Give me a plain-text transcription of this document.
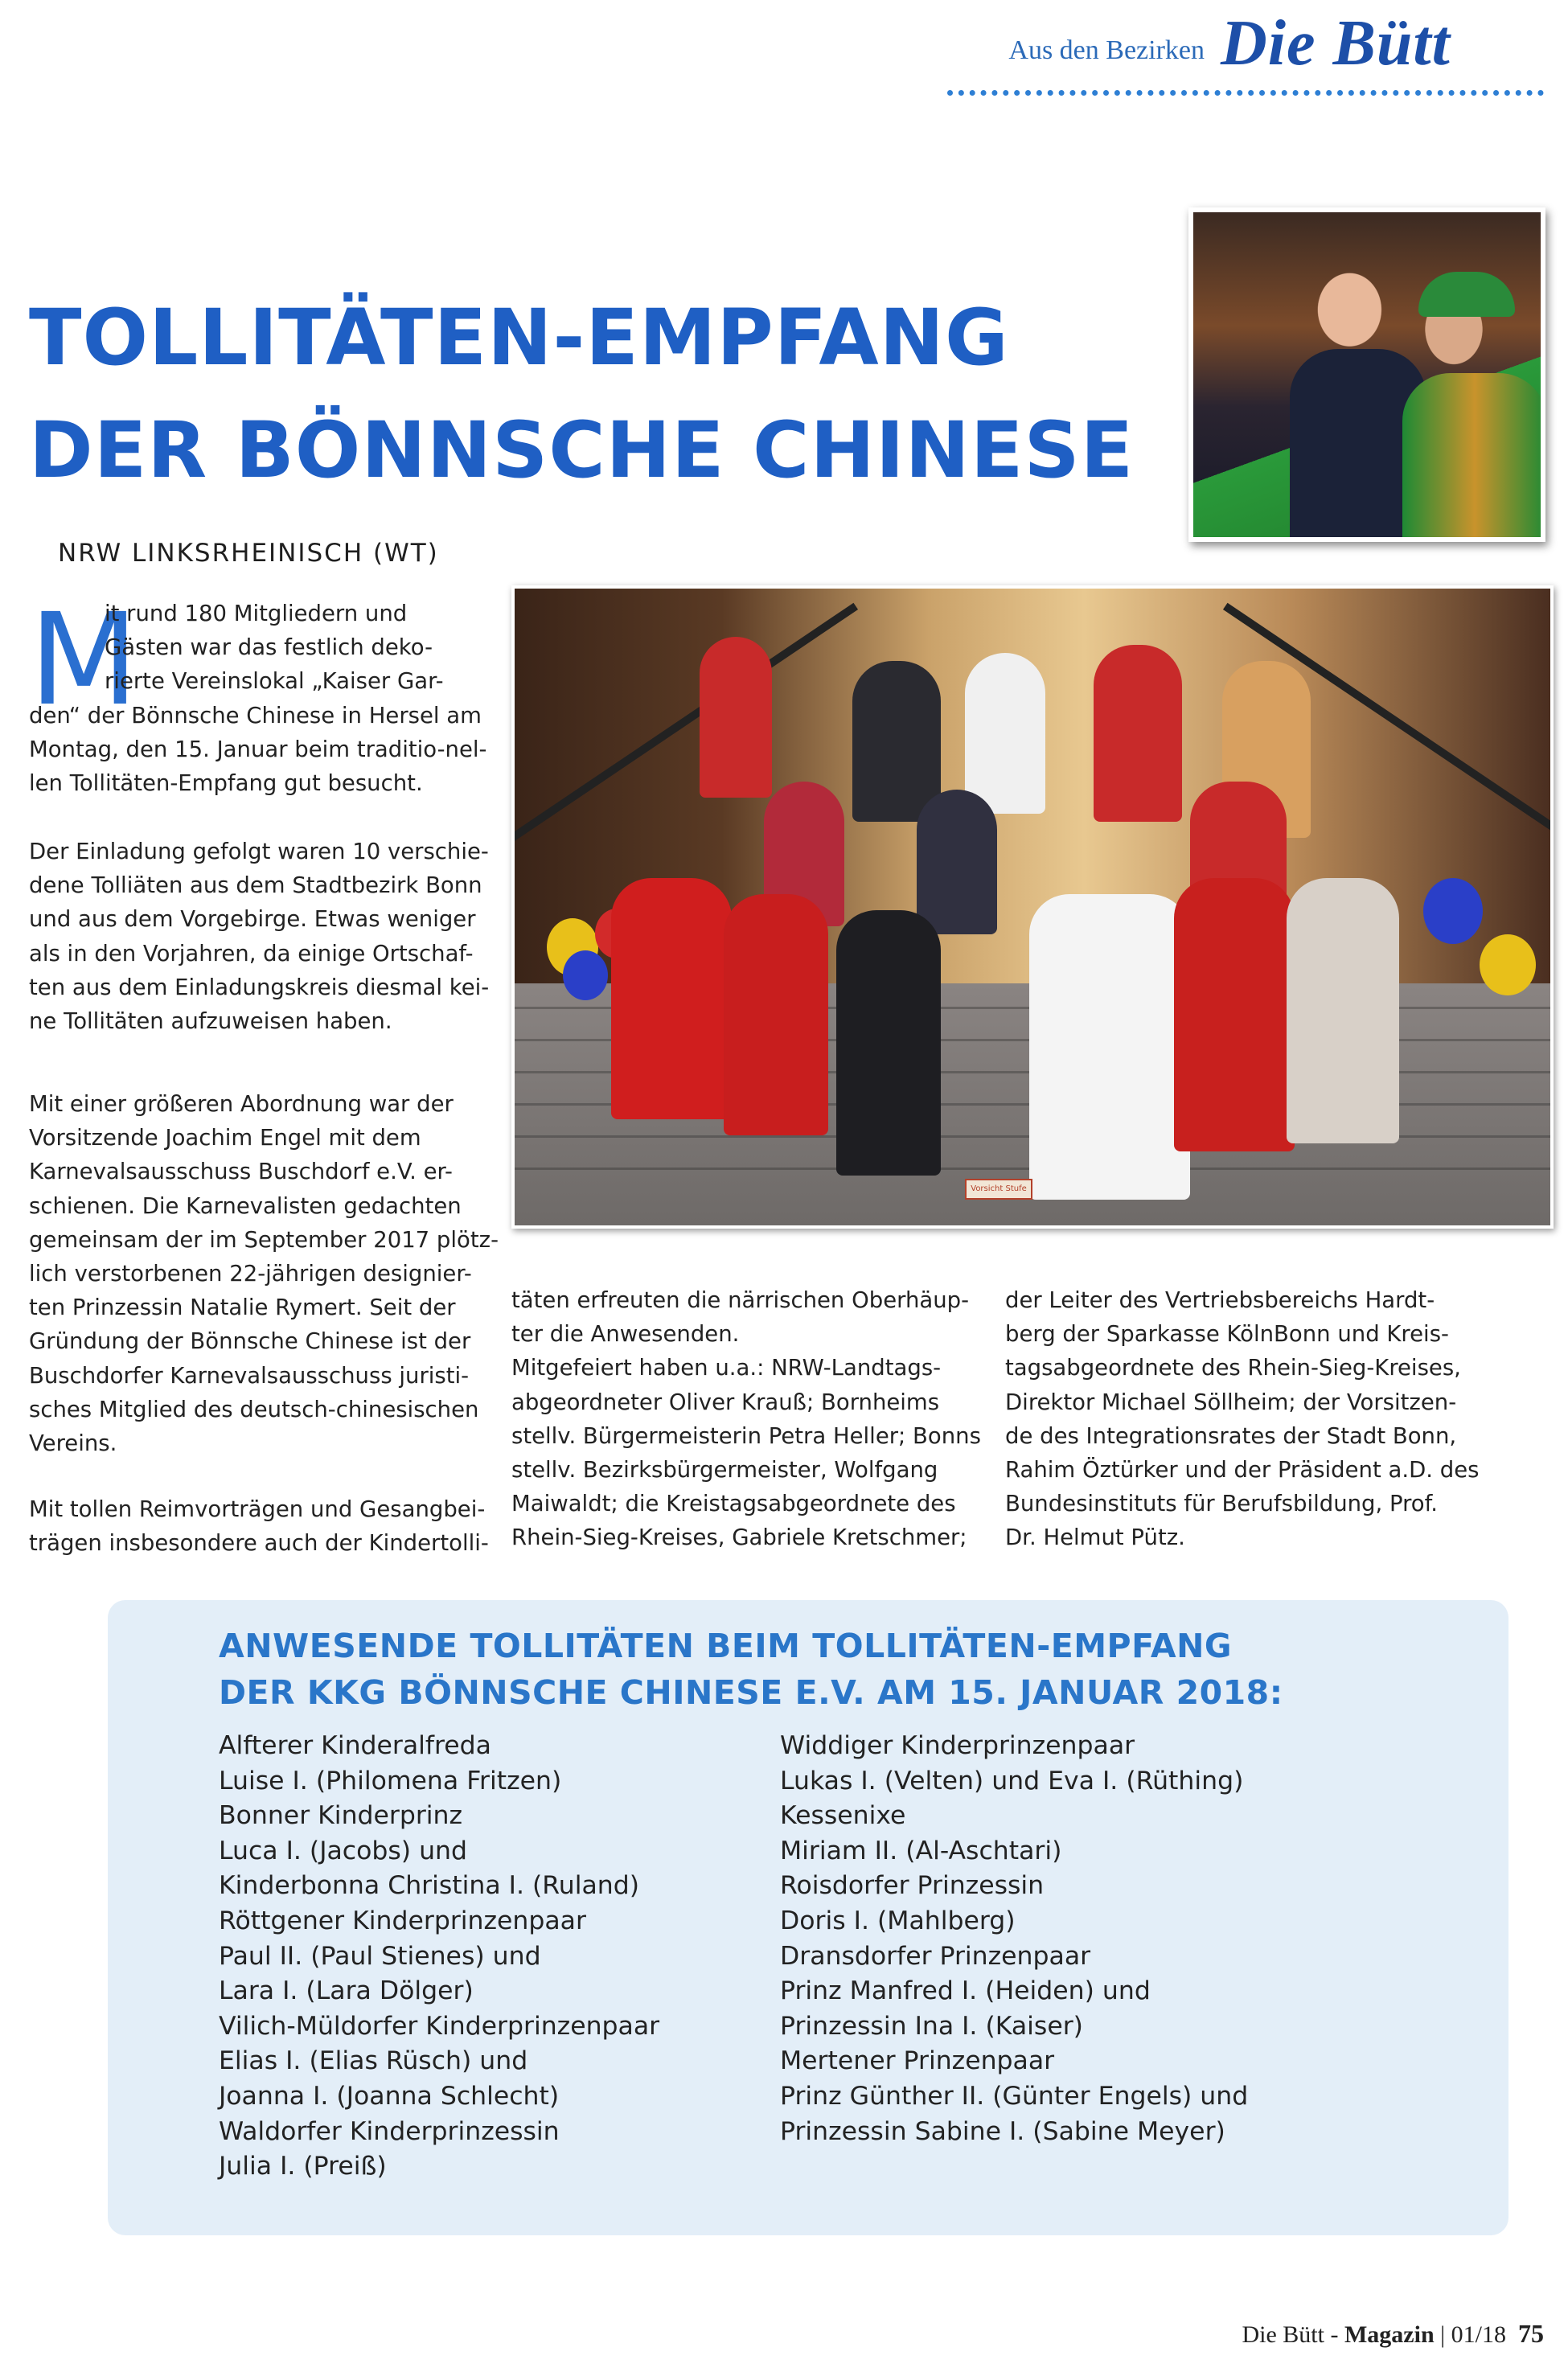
Aus den Bezirken Die Bütt
TOLLITÄTEN-EMPFANG
DER BÖNNSCHE CHINESE
NRW LINKSRHEINISCH (WT)
M
it rund 180 Mitgliedern und
Gästen war das festlich deko-
rierte Vereinslokal „Kaiser Gar-
den“ der Bönnsche Chinese in Hersel am
Montag, den 15. Januar beim traditio-nel-
len Tollitäten-Empfang gut besucht.
Der Einladung gefolgt waren 10 verschie-
dene Tolliäten aus dem Stadtbezirk Bonn
und aus dem Vorgebirge. Etwas weniger
als in den Vorjahren, da einige Ortschaf-
ten aus dem Einladungskreis diesmal kei-
ne Tollitäten aufzuweisen haben.
Mit einer größeren Abordnung war der
Vorsitzende Joachim Engel mit dem
Karnevalsausschuss Buschdorf e.V. er-
schienen. Die Karnevalisten gedachten
gemeinsam der im September 2017 plötz-
lich verstorbenen 22-jährigen designier-
ten Prinzessin Natalie Rymert. Seit der
Gründung der Bönnsche Chinese ist der
Buschdorfer Karnevalsausschuss juristi-
sches Mitglied des deutsch-chinesischen
Vereins.
Mit tollen Reimvorträgen und Gesangbei-
trägen insbesondere auch der Kindertolli-
Vorsicht Stufe
täten erfreuten die närrischen Oberhäup-
ter die Anwesenden.
Mitgefeiert haben u.a.: NRW-Landtags-
abgeordneter Oliver Krauß; Bornheims
stellv. Bürgermeisterin Petra Heller; Bonns
stellv. Bezirksbürgermeister, Wolfgang
Maiwaldt; die Kreistagsabgeordnete des
Rhein-Sieg-Kreises, Gabriele Kretschmer;
der Leiter des Vertriebsbereichs Hardt-
berg der Sparkasse KölnBonn und Kreis-
tagsabgeordnete des Rhein-Sieg-Kreises,
Direktor Michael Söllheim; der Vorsitzen-
de des Integrationsrates der Stadt Bonn,
Rahim Öztürker und der Präsident a.D. des
Bundesinstituts für Berufsbildung, Prof.
Dr. Helmut Pütz.
ANWESENDE TOLLITÄTEN BEIM TOLLITÄTEN-EMPFANG
DER KKG BÖNNSCHE CHINESE E.V. AM 15. JANUAR 2018:
Alfterer Kinderalfreda
Luise I. (Philomena Fritzen)
Bonner Kinderprinz
Luca I. (Jacobs) und
Kinderbonna Christina I. (Ruland)
Röttgener Kinderprinzenpaar
Paul II. (Paul Stienes) und
Lara I. (Lara Dölger)
Vilich-Müldorfer Kinderprinzenpaar
Elias I. (Elias Rüsch) und
Joanna I. (Joanna Schlecht)
Waldorfer Kinderprinzessin
Julia I. (Preiß)
Widdiger Kinderprinzenpaar
Lukas I. (Velten) und Eva I. (Rüthing)
Kessenixe
Miriam II. (Al-Aschtari)
Roisdorfer Prinzessin
Doris I. (Mahlberg)
Dransdorfer Prinzenpaar
Prinz Manfred I. (Heiden) und
Prinzessin Ina I. (Kaiser)
Mertener Prinzenpaar
Prinz Günther II. (Günter Engels) und
Prinzessin Sabine I. (Sabine Meyer)
Die Bütt - Magazin | 01/18 75
